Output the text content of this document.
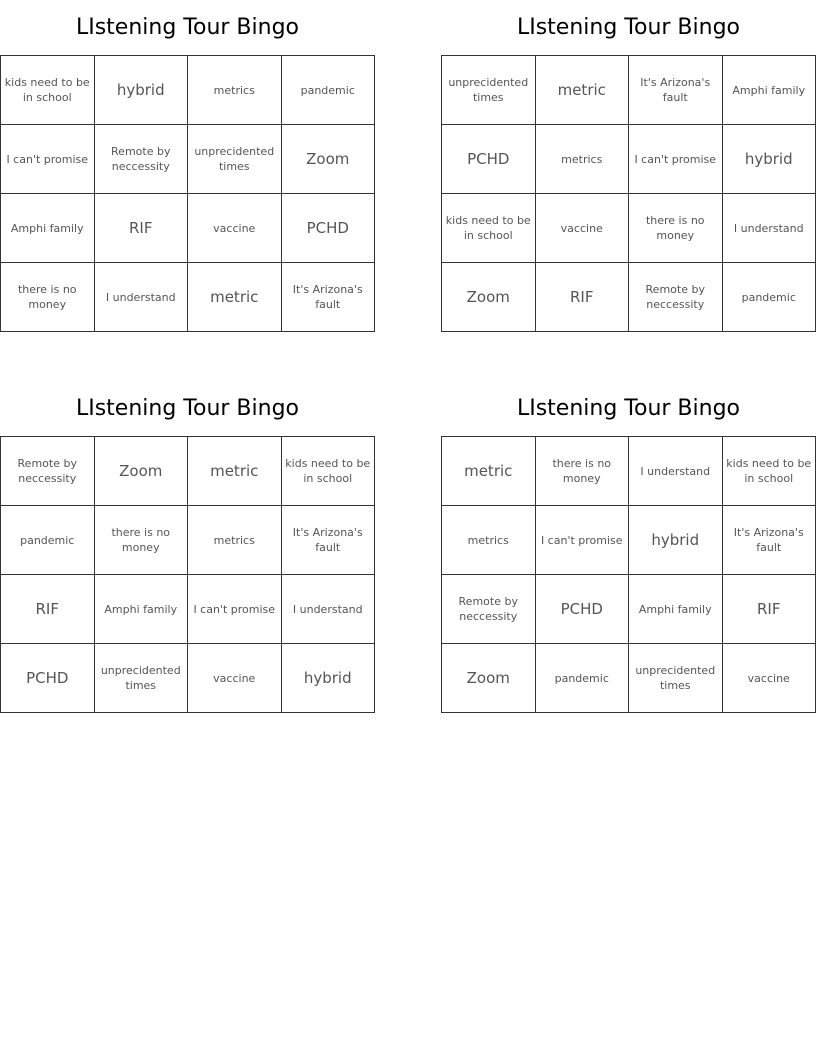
LIstening Tour Bingo
kids need to be in school	hybrid	metrics	pandemic
I can't promise	Remote by neccessity	unprecidented times	Zoom
Amphi family	RIF	vaccine	PCHD
there is no money	I understand	metric	It's Arizona's fault
LIstening Tour Bingo
unprecidented times	metric	It's Arizona's fault	Amphi family
PCHD	metrics	I can't promise	hybrid
kids need to be in school	vaccine	there is no money	I understand
Zoom	RIF	Remote by neccessity	pandemic
LIstening Tour Bingo
Remote by neccessity	Zoom	metric	kids need to be in school
pandemic	there is no money	metrics	It's Arizona's fault
RIF	Amphi family	I can't promise	I understand
PCHD	unprecidented times	vaccine	hybrid
LIstening Tour Bingo
metric	there is no money	I understand	kids need to be in school
metrics	I can't promise	hybrid	It's Arizona's fault
Remote by neccessity	PCHD	Amphi family	RIF
Zoom	pandemic	unprecidented times	vaccine
